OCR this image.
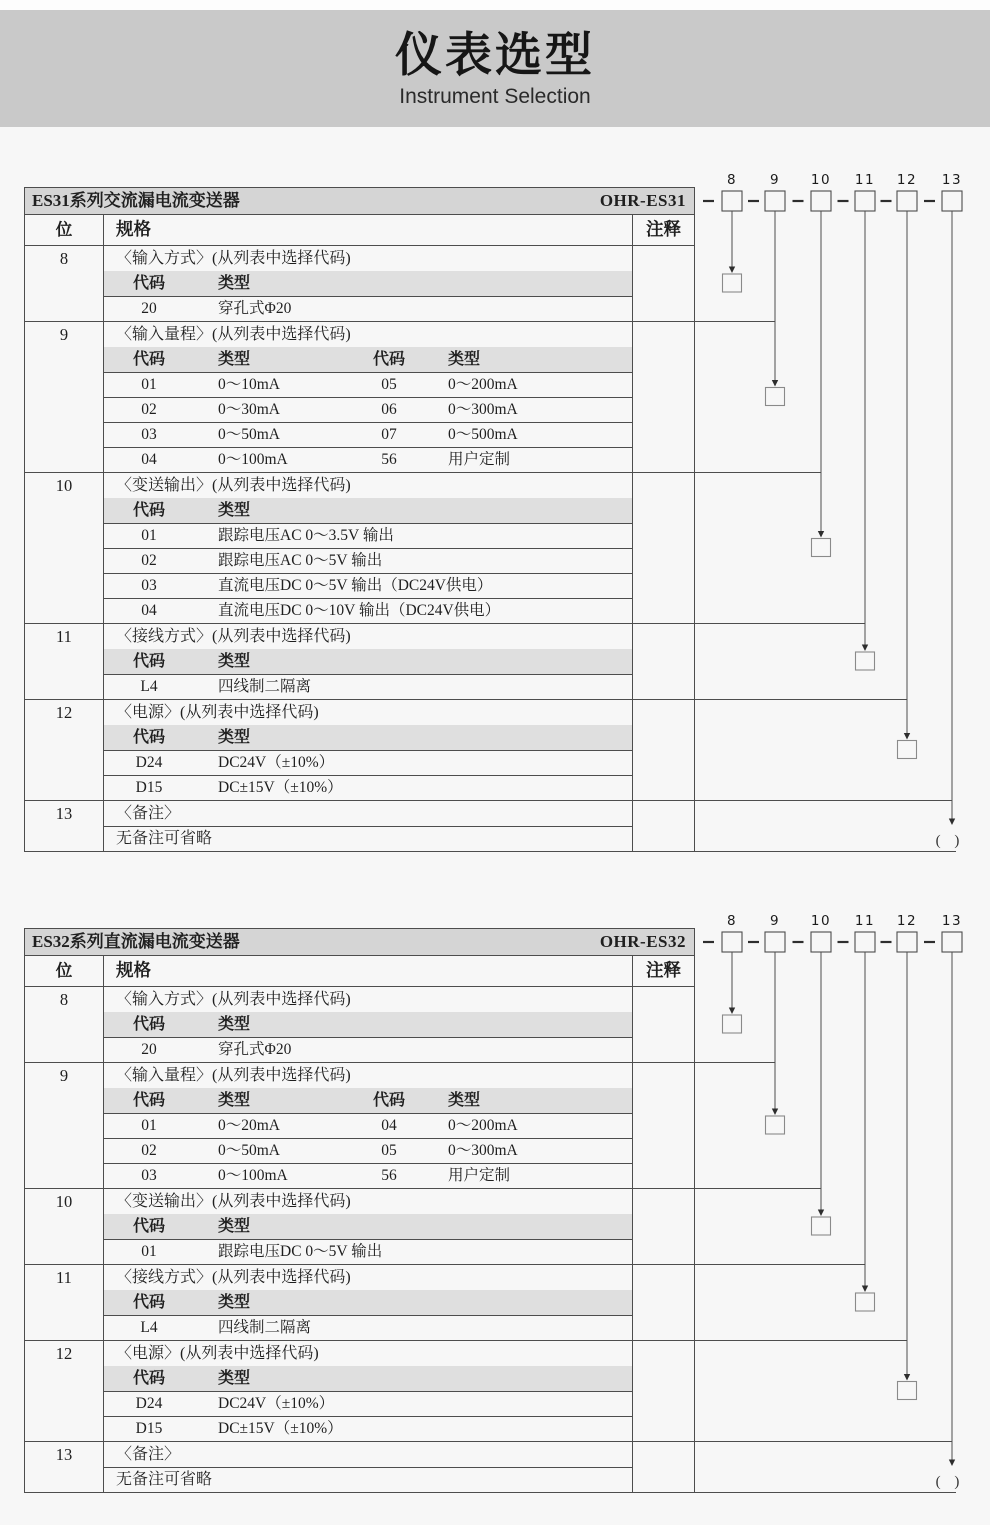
仪表选型
Instrument Selection
ES31系列交流漏电流变送器	OHR-ES31
位	规格	注释
8	〈输入方式〉(从列表中选择代码)
代码	类型
20	穿孔式Φ20
9	〈输入量程〉(从列表中选择代码)
代码	类型	代码	类型
01	0～10mA	05	0～200mA
02	0～30mA	06	0～300mA
03	0～50mA	07	0～500mA
04	0～100mA	56	用户定制
10	〈变送输出〉(从列表中选择代码)
代码	类型
01	跟踪电压AC 0～3.5V 输出
02	跟踪电压AC 0～5V 输出
03	直流电压DC 0～5V 输出（DC24V供电）
04	直流电压DC 0～10V 输出（DC24V供电）
11	〈接线方式〉(从列表中选择代码)
代码	类型
L4	四线制二隔离
12	〈电源〉(从列表中选择代码)
代码	类型
D24	DC24V（±10%）
D15	DC±15V（±10%）
13	〈备注〉
无备注可省略
ES32系列直流漏电流变送器	OHR-ES32
位	规格	注释
8	〈输入方式〉(从列表中选择代码)
代码	类型
20	穿孔式Φ20
9	〈输入量程〉(从列表中选择代码)
代码	类型	代码	类型
01	0～20mA	04	0～200mA
02	0～50mA	05	0～300mA
03	0～100mA	56	用户定制
10	〈变送输出〉(从列表中选择代码)
代码	类型
01	跟踪电压DC 0～5V 输出
11	〈接线方式〉(从列表中选择代码)
代码	类型
L4	四线制二隔离
12	〈电源〉(从列表中选择代码)
代码	类型
D24	DC24V（±10%）
D15	DC±15V（±10%）
13	〈备注〉
无备注可省略
8 9 10 11 12 13
( )
8 9 10 11 12 13
( )
